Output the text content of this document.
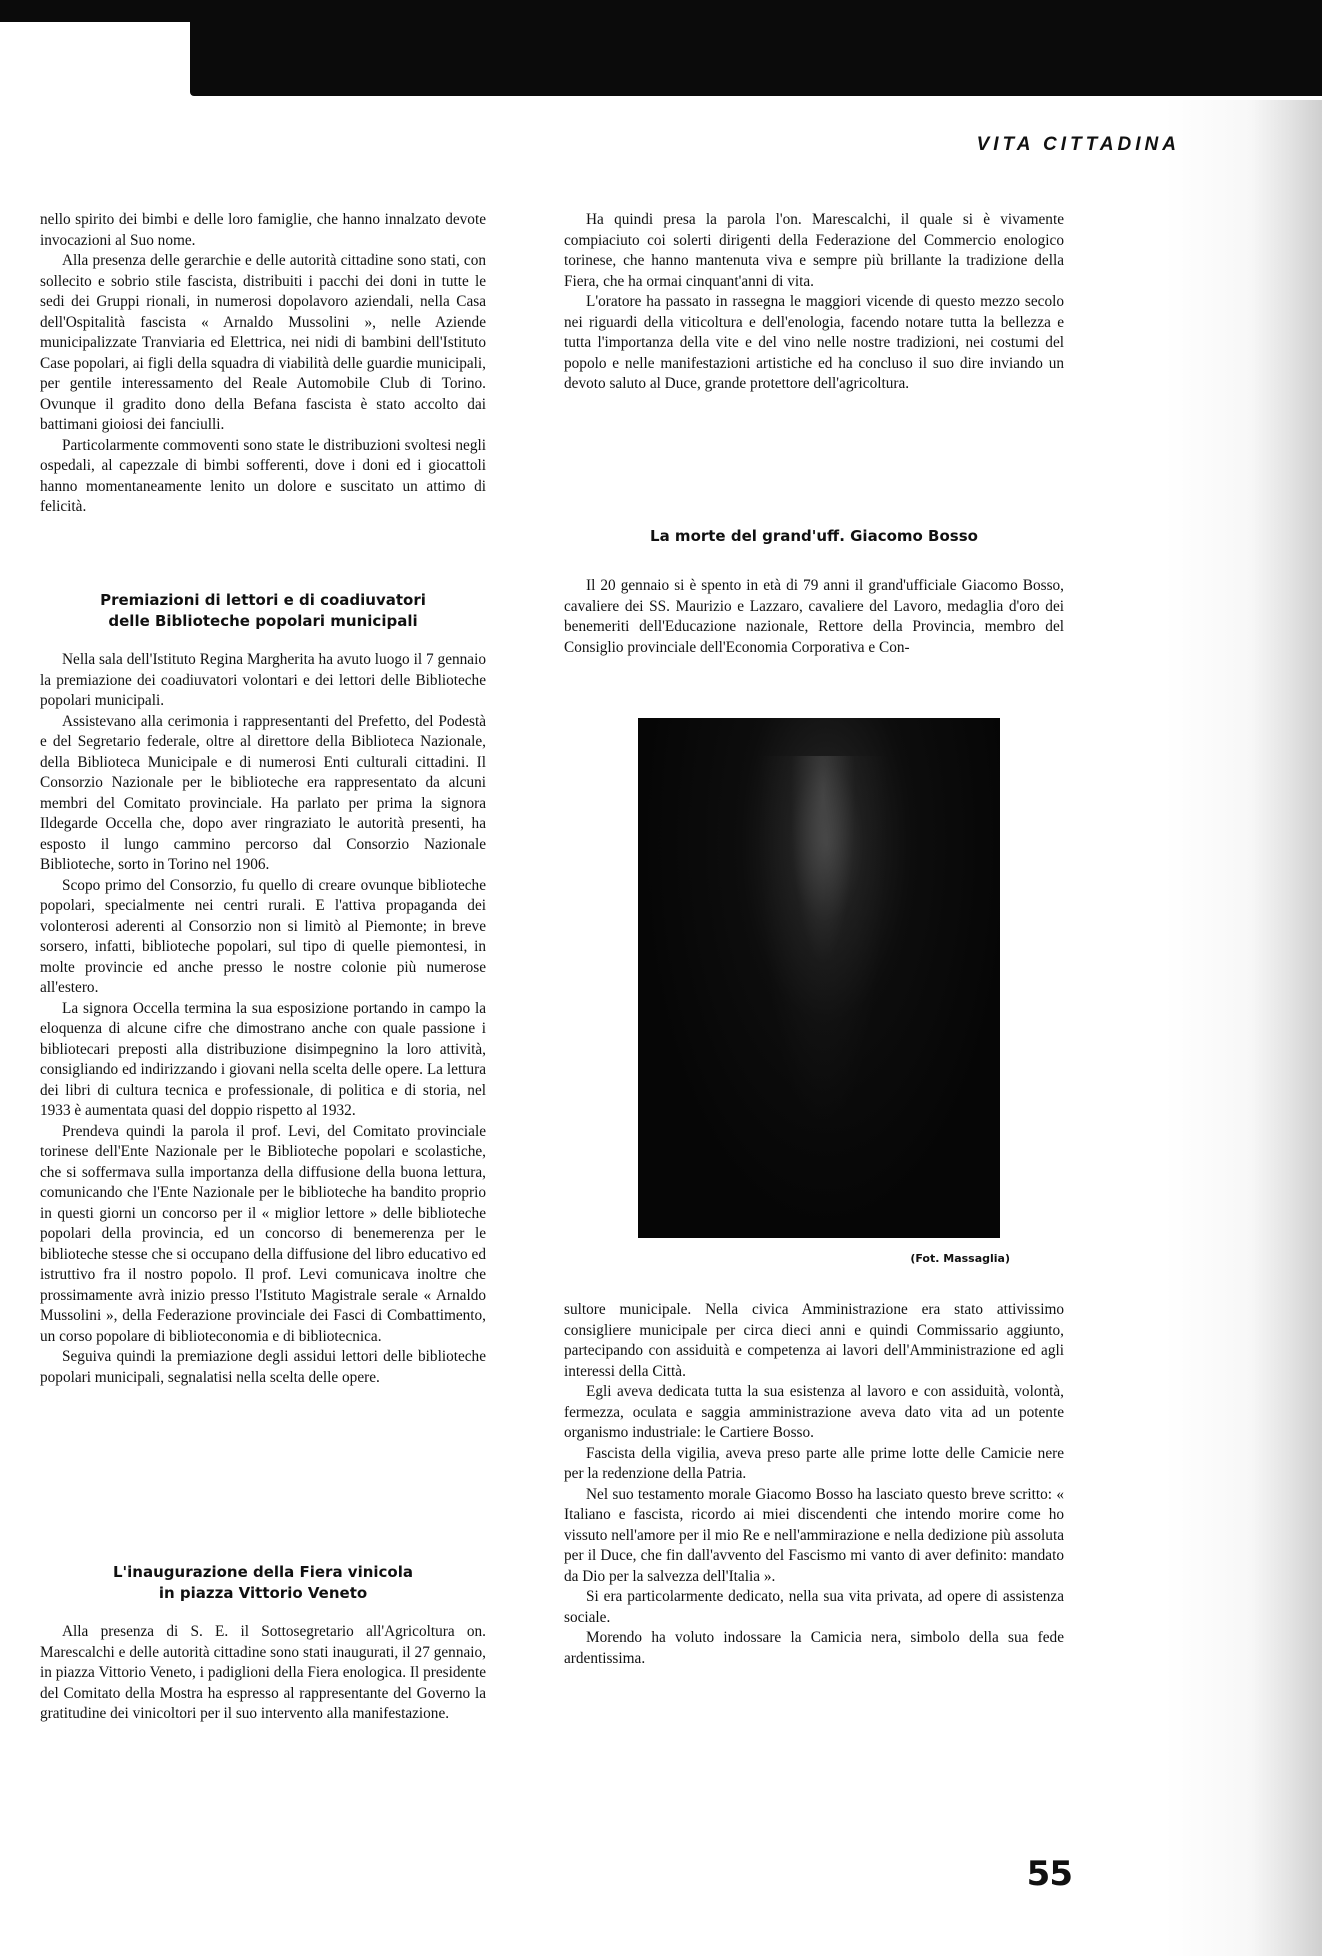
VITA CITTADINA

nello spirito dei bimbi e delle loro famiglie, che hanno innalzato devote invocazioni al Suo nome.

Alla presenza delle gerarchie e delle autorità cittadine sono stati, con sollecito e sobrio stile fascista, distribuiti i pacchi dei doni in tutte le sedi dei Gruppi rionali, in numerosi dopolavoro aziendali, nella Casa dell'Ospitalità fascista « Arnaldo Mussolini », nelle Aziende municipalizzate Tranviaria ed Elettrica, nei nidi di bambini dell'Istituto Case popolari, ai figli della squadra di viabilità delle guardie municipali, per gentile interessamento del Reale Automobile Club di Torino. Ovunque il gradito dono della Befana fascista è stato accolto dai battimani gioiosi dei fanciulli.

Particolarmente commoventi sono state le distribuzioni svoltesi negli ospedali, al capezzale di bimbi sofferenti, dove i doni ed i giocattoli hanno momentaneamente lenito un dolore e suscitato un attimo di felicità.

Premiazioni di lettori e di coadiuvatori
delle Biblioteche popolari municipali

Nella sala dell'Istituto Regina Margherita ha avuto luogo il 7 gennaio la premiazione dei coadiuvatori volontari e dei lettori delle Biblioteche popolari municipali.

Assistevano alla cerimonia i rappresentanti del Prefetto, del Podestà e del Segretario federale, oltre al direttore della Biblioteca Nazionale, della Biblioteca Municipale e di numerosi Enti culturali cittadini. Il Consorzio Nazionale per le biblioteche era rappresentato da alcuni membri del Comitato provinciale. Ha parlato per prima la signora Ildegarde Occella che, dopo aver ringraziato le autorità presenti, ha esposto il lungo cammino percorso dal Consorzio Nazionale Biblioteche, sorto in Torino nel 1906.

Scopo primo del Consorzio, fu quello di creare ovunque biblioteche popolari, specialmente nei centri rurali. E l'attiva propaganda dei volonterosi aderenti al Consorzio non si limitò al Piemonte; in breve sorsero, infatti, biblioteche popolari, sul tipo di quelle piemontesi, in molte provincie ed anche presso le nostre colonie più numerose all'estero.

La signora Occella termina la sua esposizione portando in campo la eloquenza di alcune cifre che dimostrano anche con quale passione i bibliotecari preposti alla distribuzione disimpegnino la loro attività, consigliando ed indirizzando i giovani nella scelta delle opere. La lettura dei libri di cultura tecnica e professionale, di politica e di storia, nel 1933 è aumentata quasi del doppio rispetto al 1932.

Prendeva quindi la parola il prof. Levi, del Comitato provinciale torinese dell'Ente Nazionale per le Biblioteche popolari e scolastiche, che si soffermava sulla importanza della diffusione della buona lettura, comunicando che l'Ente Nazionale per le biblioteche ha bandito proprio in questi giorni un concorso per il « miglior lettore » delle biblioteche popolari della provincia, ed un concorso di benemerenza per le biblioteche stesse che si occupano della diffusione del libro educativo ed istruttivo fra il nostro popolo. Il prof. Levi comunicava inoltre che prossimamente avrà inizio presso l'Istituto Magistrale serale « Arnaldo Mussolini », della Federazione provinciale dei Fasci di Combattimento, un corso popolare di biblioteconomia e di bibliotecnica.

Seguiva quindi la premiazione degli assidui lettori delle biblioteche popolari municipali, segnalatisi nella scelta delle opere.

L'inaugurazione della Fiera vinicola
in piazza Vittorio Veneto

Alla presenza di S. E. il Sottosegretario all'Agricoltura on. Marescalchi e delle autorità cittadine sono stati inaugurati, il 27 gennaio, in piazza Vittorio Veneto, i padiglioni della Fiera enologica. Il presidente del Comitato della Mostra ha espresso al rappresentante del Governo la gratitudine dei vinicoltori per il suo intervento alla manifestazione.

Ha quindi presa la parola l'on. Marescalchi, il quale si è vivamente compiaciuto coi solerti dirigenti della Federazione del Commercio enologico torinese, che hanno mantenuta viva e sempre più brillante la tradizione della Fiera, che ha ormai cinquant'anni di vita.

L'oratore ha passato in rassegna le maggiori vicende di questo mezzo secolo nei riguardi della viticoltura e dell'enologia, facendo notare tutta la bellezza e tutta l'importanza della vite e del vino nelle nostre tradizioni, nei costumi del popolo e nelle manifestazioni artistiche ed ha concluso il suo dire inviando un devoto saluto al Duce, grande protettore dell'agricoltura.

La morte del grand'uff. Giacomo Bosso

Il 20 gennaio si è spento in età di 79 anni il grand'ufficiale Giacomo Bosso, cavaliere dei SS. Maurizio e Lazzaro, cavaliere del Lavoro, medaglia d'oro dei benemeriti dell'Educazione nazionale, Rettore della Provincia, membro del Consiglio provinciale dell'Economia Corporativa e Con-

(Fot. Massaglia)

sultore municipale. Nella civica Amministrazione era stato attivissimo consigliere municipale per circa dieci anni e quindi Commissario aggiunto, partecipando con assiduità e competenza ai lavori dell'Amministrazione ed agli interessi della Città.

Egli aveva dedicata tutta la sua esistenza al lavoro e con assiduità, volontà, fermezza, oculata e saggia amministrazione aveva dato vita ad un potente organismo industriale: le Cartiere Bosso.

Fascista della vigilia, aveva preso parte alle prime lotte delle Camicie nere per la redenzione della Patria.

Nel suo testamento morale Giacomo Bosso ha lasciato questo breve scritto: « Italiano e fascista, ricordo ai miei discendenti che intendo morire come ho vissuto nell'amore per il mio Re e nell'ammirazione e nella dedizione più assoluta per il Duce, che fin dall'avvento del Fascismo mi vanto di aver definito: mandato da Dio per la salvezza dell'Italia ».

Si era particolarmente dedicato, nella sua vita privata, ad opere di assistenza sociale.

Morendo ha voluto indossare la Camicia nera, simbolo della sua fede ardentissima.

55
